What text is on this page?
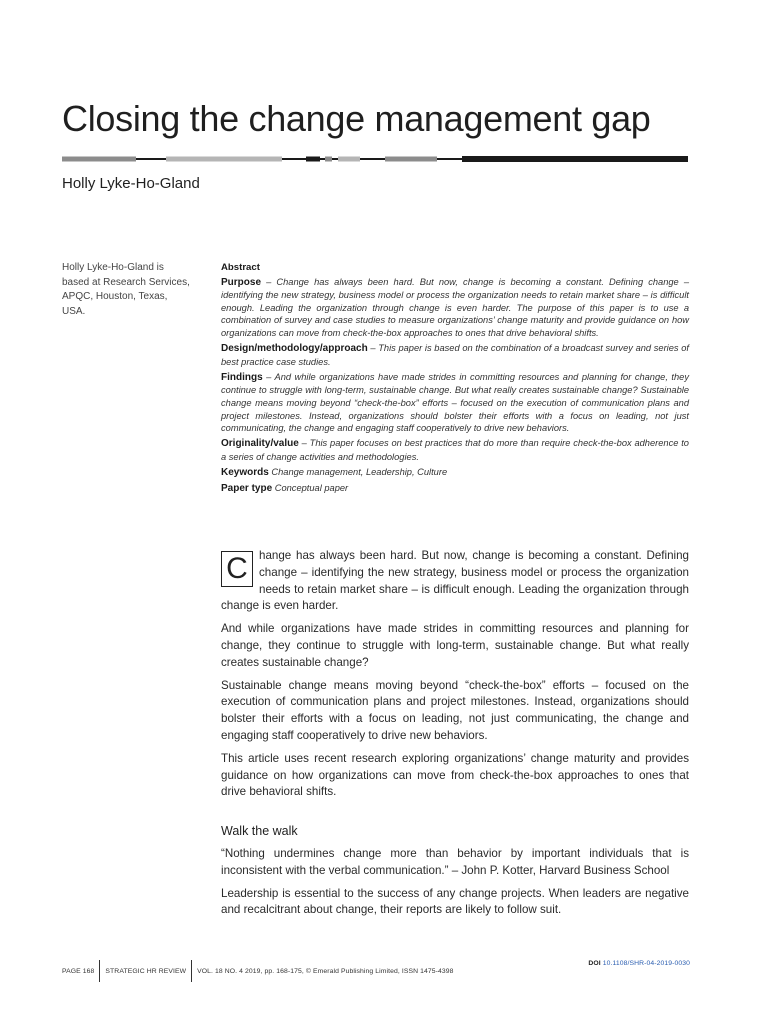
Closing the change management gap
Holly Lyke-Ho-Gland
Holly Lyke-Ho-Gland is based at Research Services, APQC, Houston, Texas, USA.
Abstract

Purpose – Change has always been hard. But now, change is becoming a constant. Defining change – identifying the new strategy, business model or process the organization needs to retain market share – is difficult enough. Leading the organization through change is even harder. The purpose of this paper is to use a combination of survey and case studies to measure organizations’ change maturity and provide guidance on how organizations can move from check-the-box approaches to ones that drive behavioral shifts.

Design/methodology/approach – This paper is based on the combination of a broadcast survey and series of best practice case studies.

Findings – And while organizations have made strides in committing resources and planning for change, they continue to struggle with long-term, sustainable change. But what really creates sustainable change? Sustainable change means moving beyond “check-the-box” efforts – focused on the execution of communication plans and project milestones. Instead, organizations should bolster their efforts with a focus on leading, not just communicating, the change and engaging staff cooperatively to drive new behaviors.

Originality/value – This paper focuses on best practices that do more than require check-the-box adherence to a series of change activities and methodologies.

Keywords Change management, Leadership, Culture

Paper type Conceptual paper

C hange has always been hard. But now, change is becoming a constant. Defining change – identifying the new strategy, business model or process the organization needs to retain market share – is difficult enough. Leading the organization through change is even harder.

And while organizations have made strides in committing resources and planning for change, they continue to struggle with long-term, sustainable change. But what really creates sustainable change?

Sustainable change means moving beyond “check-the-box” efforts – focused on the execution of communication plans and project milestones. Instead, organizations should bolster their efforts with a focus on leading, not just communicating, the change and engaging staff cooperatively to drive new behaviors.

This article uses recent research exploring organizations’ change maturity and provides guidance on how organizations can move from check-the-box approaches to ones that drive behavioral shifts.

Walk the walk

“Nothing undermines change more than behavior by important individuals that is inconsistent with the verbal communication.” – John P. Kotter, Harvard Business School

Leadership is essential to the success of any change projects. When leaders are negative and recalcitrant about change, their reports are likely to follow suit.

PAGE 168 STRATEGIC HR REVIEW VOL. 18 NO. 4 2019, pp. 168-175, © Emerald Publishing Limited, ISSN 1475-4398
DOI 10.1108/SHR-04-2019-0030
